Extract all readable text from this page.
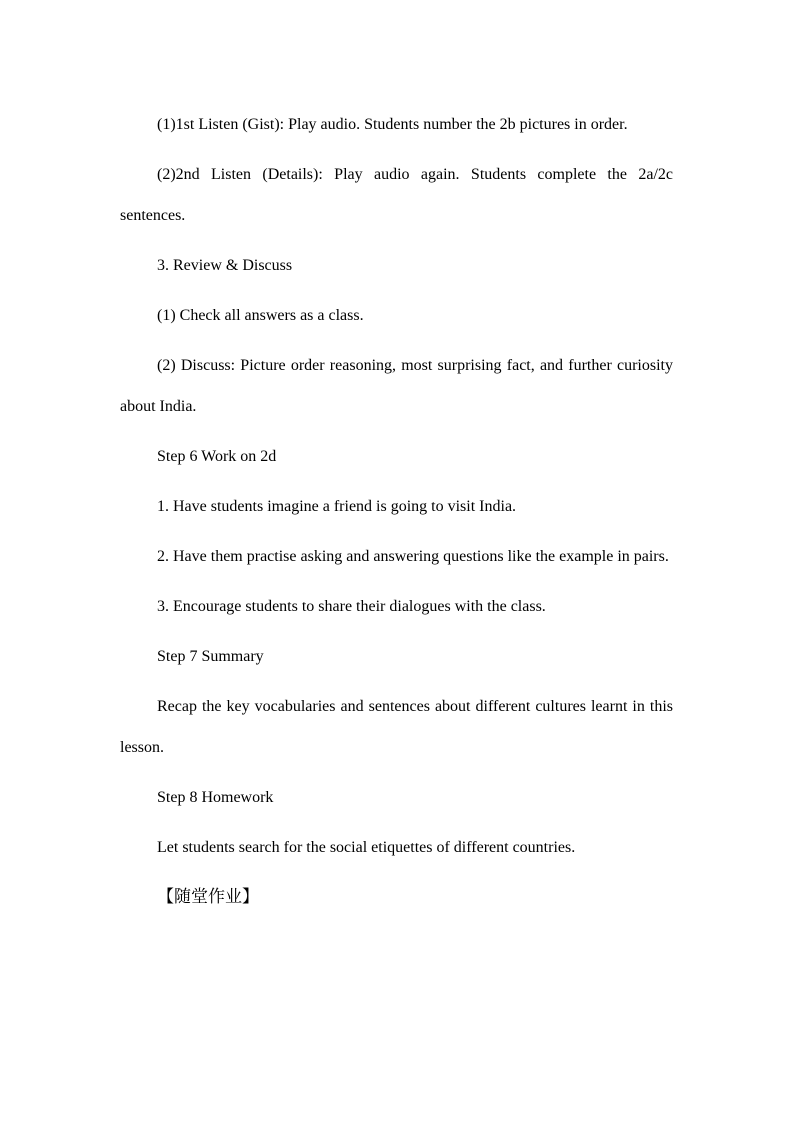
(1)1st Listen (Gist): Play audio. Students number the 2b pictures in order.

(2)2nd Listen (Details): Play audio again. Students complete the 2a/2c sentences.

3. Review & Discuss

(1) Check all answers as a class.

(2) Discuss: Picture order reasoning, most surprising fact, and further curiosity about India.

Step 6 Work on 2d

1. Have students imagine a friend is going to visit India.

2. Have them practise asking and answering questions like the example in pairs.

3. Encourage students to share their dialogues with the class.

Step 7 Summary

Recap the key vocabularies and sentences about different cultures learnt in this lesson.

Step 8 Homework

Let students search for the social etiquettes of different countries.

【随堂作业】
